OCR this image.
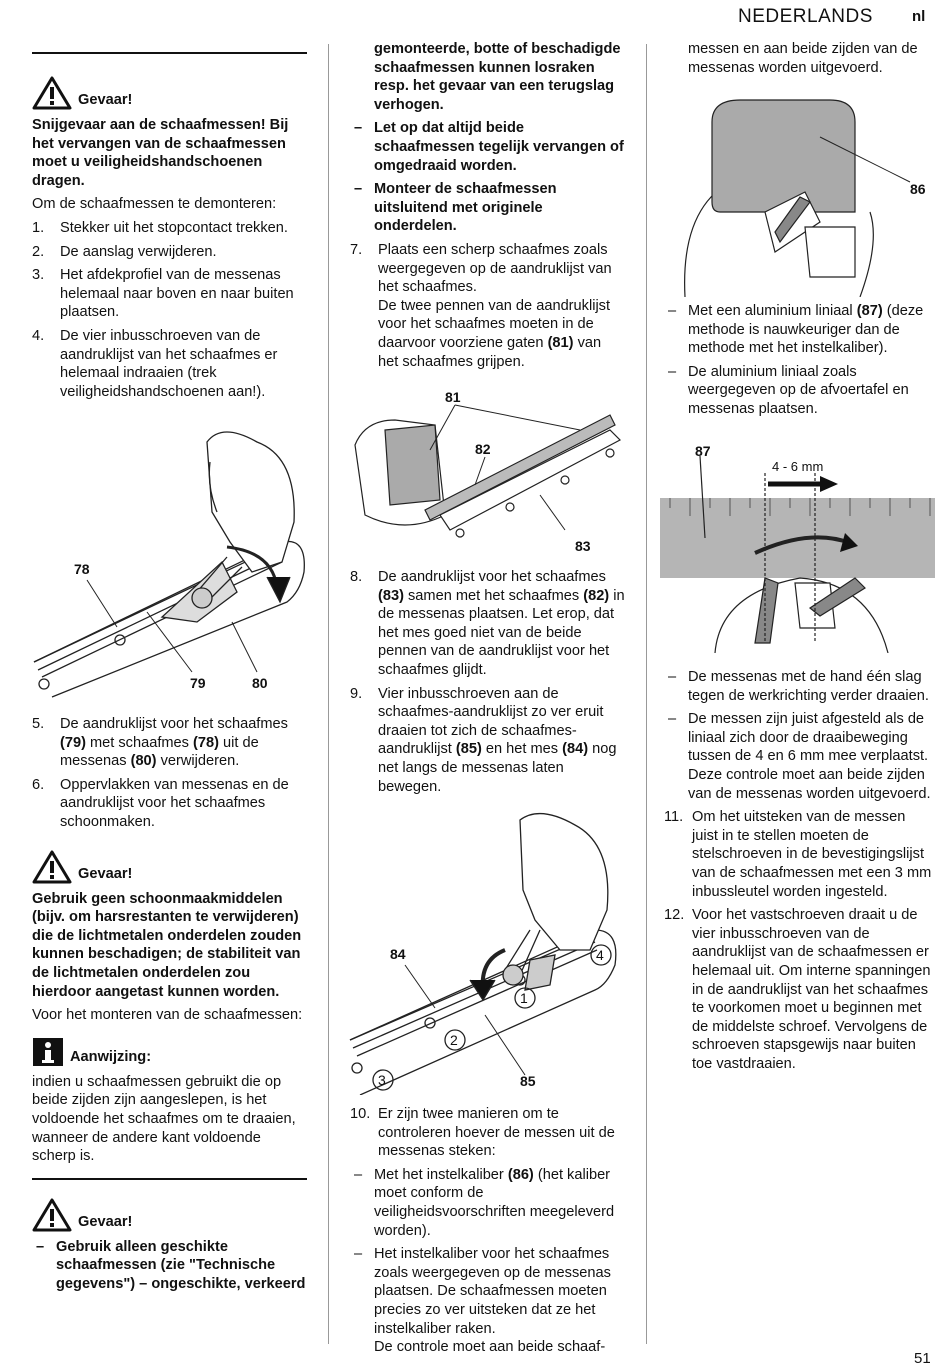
NEDERLANDS	nl
51
Gevaar!

Snijgevaar aan de schaafmessen! Bij het vervangen van de schaafmessen moet u veiligheidshandschoenen dragen.

Om de schaafmessen te demonteren:

1. Stekker uit het stopcontact trekken.
2. De aanslag verwijderen.
3. Het afdekprofiel van de messenas helemaal naar boven en naar buiten plaatsen.
4. De vier inbusschroeven van de aandruklijst van het schaafmes er helemaal indraaien (trek veiligheidshandschoenen aan!).
78
79	80
5. De aandruklijst voor het schaafmes (79) met schaafmes (78) uit de messenas (80) verwijderen.
6. Oppervlakken van messenas en de aandruklijst voor het schaafmes schoonmaken.
Gevaar!

Gebruik geen schoonmaakmiddelen (bijv. om harsrestanten te verwijderen) die de lichtmetalen onderdelen zouden kunnen beschadigen; de stabiliteit van de lichtmetalen onderdelen zou hierdoor aangetast kunnen worden.

Voor het monteren van de schaafmessen:

Aanwijzing:

indien u schaafmessen gebruikt die op beide zijden zijn aangeslepen, is het voldoende het schaafmes om te draaien, wanneer de andere kant voldoende scherp is.

Gevaar!
– Gebruik alleen geschikte schaafmessen (zie "Technische gegevens") – ongeschikte, verkeerd

gemonteerde, botte of beschadigde schaafmessen kunnen losraken resp. het gevaar van een terugslag verhogen.

– Let op dat altijd beide schaafmessen tegelijk vervangen of omgedraaid worden.
– Monteer de schaafmessen uitsluitend met originele onderdelen.
7. Plaats een scherp schaafmes zoals weergegeven op de aandruklijst van het schaafmes.
De twee pennen van de aandruklijst voor het schaafmes moeten in de daarvoor voorziene gaten (81) van het schaafmes grijpen.
81
82
83
8. De aandruklijst voor het schaafmes (83) samen met het schaafmes (82) in de messenas plaatsen. Let erop, dat het mes goed niet van de beide pennen van de aandruklijst voor het schaafmes glijdt.
9. Vier inbusschroeven aan de schaafmes-aandruklijst zo ver eruit draaien tot zich de schaafmes-aandruklijst (85) en het mes (84) nog net langs de messenas laten bewegen.
84
85
1
2
3
4
10. Er zijn twee manieren om te controleren hoever de messen uit de messenas steken:
– Met het instelkaliber (86) (het kaliber moet conform de veiligheidsvoorschriften meegeleverd worden).
– Het instelkaliber voor het schaafmes zoals weergegeven op de messenas plaatsen. De schaafmessen moeten precies zo ver uitsteken dat ze het instelkaliber raken.
De controle moet aan beide schaaf-

messen en aan beide zijden van de messenas worden uitgevoerd.

86
– Met een aluminium liniaal (87) (deze methode is nauwkeuriger dan de methode met het instelkaliber).
– De aluminium liniaal zoals weergegeven op de afvoertafel en messenas plaatsen.
87
4 - 6 mm
– De messenas met de hand één slag tegen de werkrichting verder draaien.
– De messen zijn juist afgesteld als de liniaal zich door de draaibeweging tussen de 4 en 6 mm mee verplaatst. Deze controle moet aan beide zijden van de messenas worden uitgevoerd.
11. Om het uitsteken van de messen juist in te stellen moeten de stelschroeven in de bevestigingslijst van de schaafmessen met een 3 mm inbussleutel worden ingesteld.
12. Voor het vastschroeven draait u de vier inbusschroeven van de aandruklijst van de schaafmessen er helemaal uit. Om interne spanningen in de aandruklijst van het schaafmes te voorkomen moet u beginnen met de middelste schroef. Vervolgens de schroeven stapsgewijs naar buiten toe vastdraaien.
